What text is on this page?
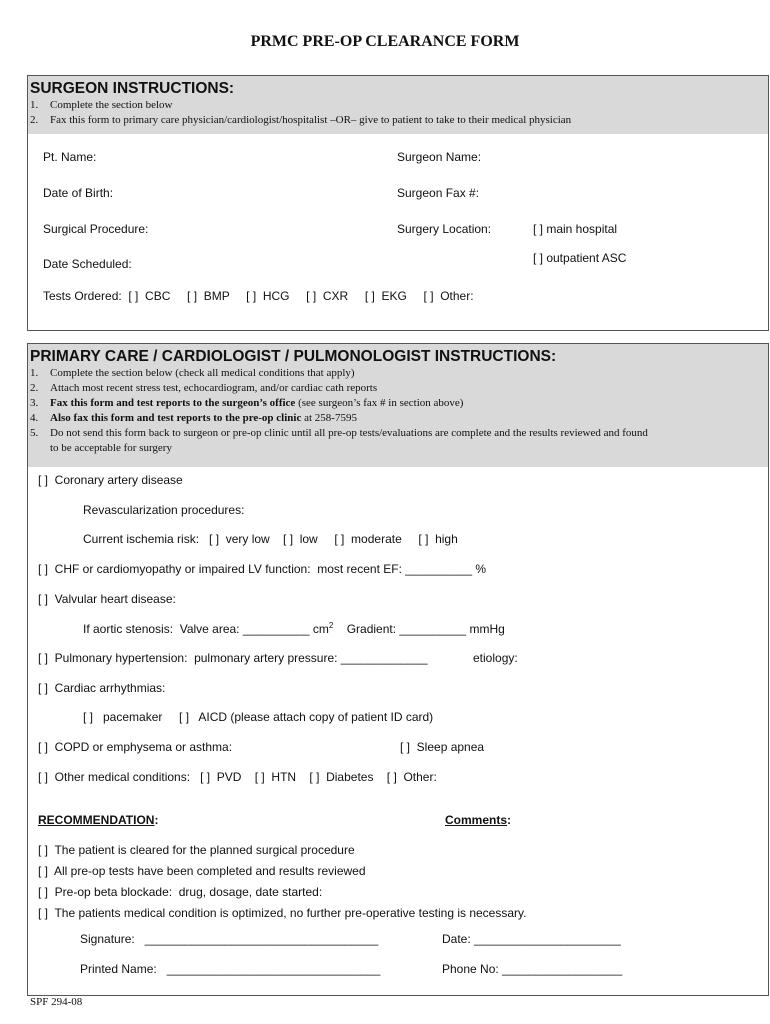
PRMC PRE-OP CLEARANCE FORM
SURGEON INSTRUCTIONS:
1. Complete the section below
2. Fax this form to primary care physician/cardiologist/hospitalist –OR– give to patient to take to their medical physician
Pt. Name:	Surgeon Name:
Date of Birth:	Surgeon Fax #:
Surgical Procedure:	Surgery Location:	[ ] main hospital
[ ] outpatient ASC
Date Scheduled:
Tests Ordered:  [ ]  CBC     [ ]  BMP     [ ]  HCG     [ ]  CXR     [ ]  EKG     [ ]  Other:
PRIMARY CARE / CARDIOLOGIST / PULMONOLOGIST INSTRUCTIONS:
1. Complete the section below (check all medical conditions that apply)
2. Attach most recent stress test, echocardiogram, and/or cardiac cath reports
3. Fax this form and test reports to the surgeon’s office (see surgeon’s fax # in section above)
4. Also fax this form and test reports to the pre-op clinic at 258-7595
5. Do not send this form back to surgeon or pre-op clinic until all pre-op tests/evaluations are complete and the results reviewed and found
to be acceptable for surgery
[ ]  Coronary artery disease
Revascularization procedures:
Current ischemia risk:   [ ]  very low    [ ]  low     [ ]  moderate     [ ]  high
[ ]  CHF or cardiomyopathy or impaired LV function:  most recent EF: __________ %
[ ]  Valvular heart disease:
If aortic stenosis:  Valve area: __________ $cm^2$    Gradient: __________ mmHg
[ ]  Pulmonary hypertension:  pulmonary artery pressure: _____________	etiology:
[ ]  Cardiac arrhythmias:
[ ]   pacemaker     [ ]   AICD (please attach copy of patient ID card)
[ ]  COPD or emphysema or asthma:	[ ]  Sleep apnea
[ ]  Other medical conditions:   [ ]  PVD    [ ]  HTN    [ ]  Diabetes    [ ]  Other:
RECOMMENDATION:	Comments:
[ ]  The patient is cleared for the planned surgical procedure
[ ]  All pre-op tests have been completed and results reviewed
[ ]  Pre-op beta blockade:  drug, dosage, date started:
[ ]  The patients medical condition is optimized, no further pre-operative testing is necessary.
Signature:   ___________________________________	Date: ______________________
Printed Name:   ________________________________	Phone No: __________________
SPF 294-08
